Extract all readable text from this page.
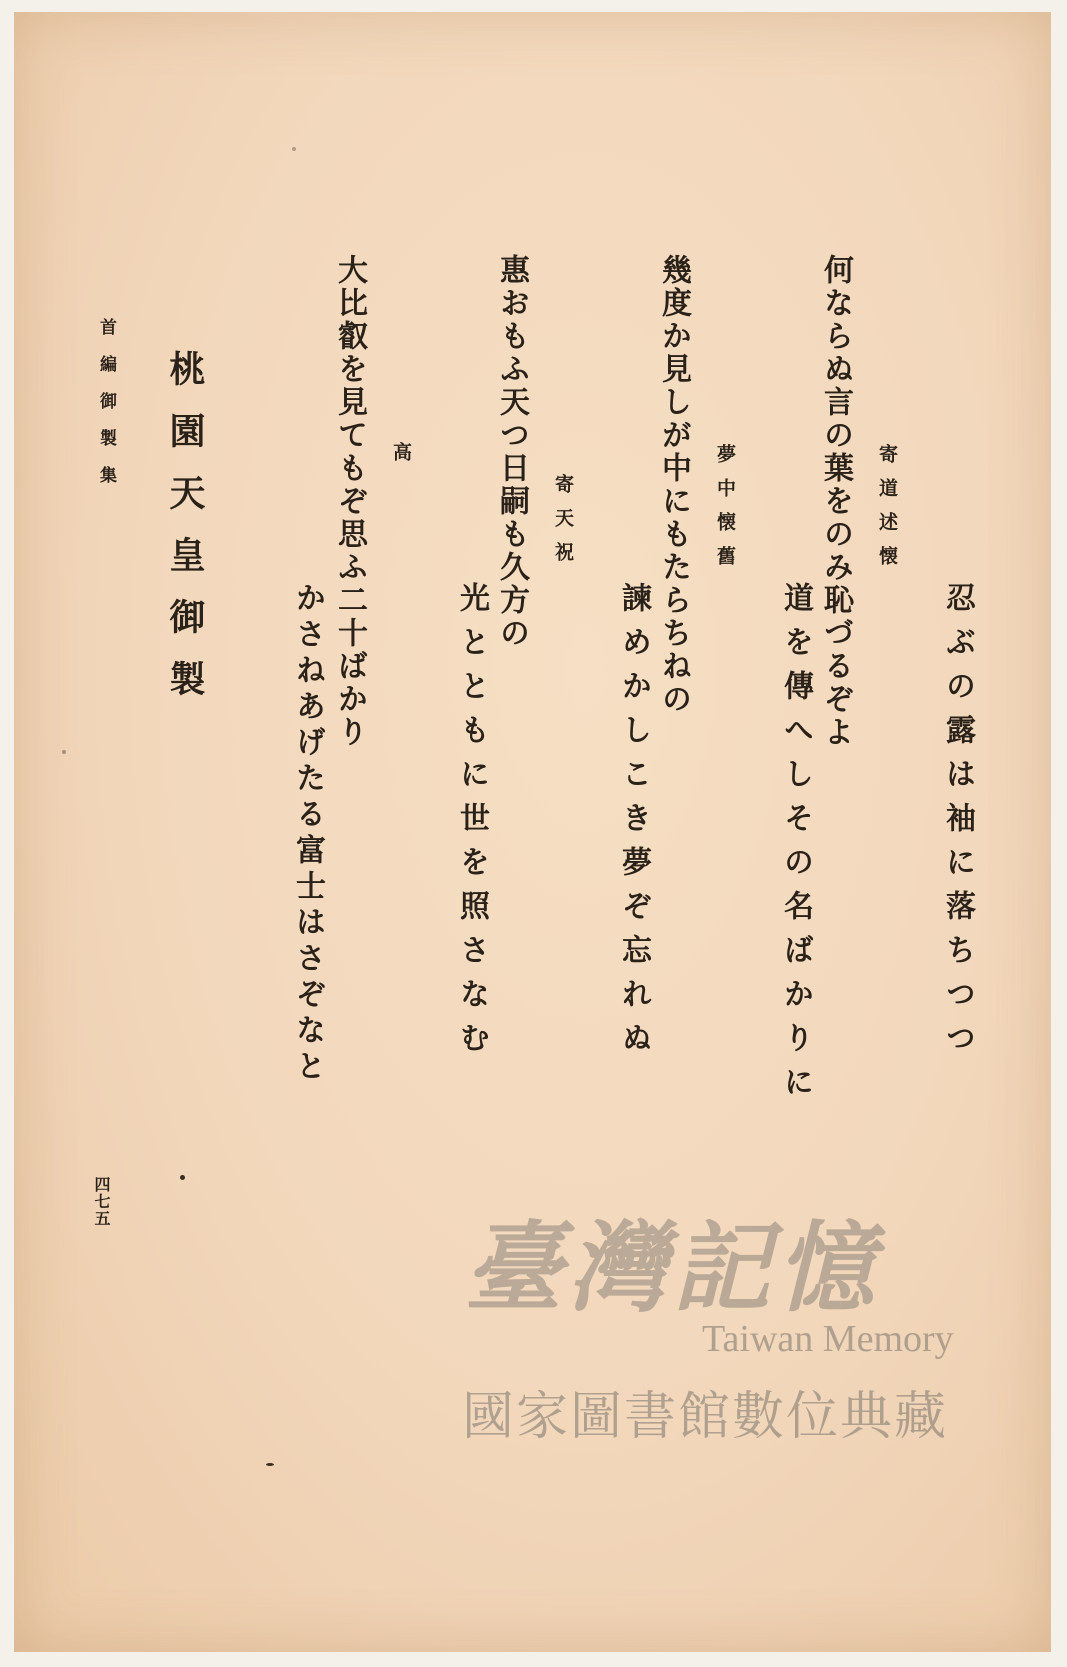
忍ぶの露は袖に落ちつつ
寄道述懐
何ならぬ言の葉をのみ恥づるぞよ
道を傳へしその名ばかりに
夢中懐舊
幾度か見しが中にもたらちねの
諫めかしこき夢ぞ忘れぬ
寄天祝
惠おもふ天つ日嗣も久方の
光とともに世を照さなむ
高
大比叡を見てもぞ思ふ二十ばかり
かさねあげたる富士はさぞなと
桃園天皇御製
首編御製集
四七五
臺灣記憶
Taiwan Memory
國家圖書館數位典藏
